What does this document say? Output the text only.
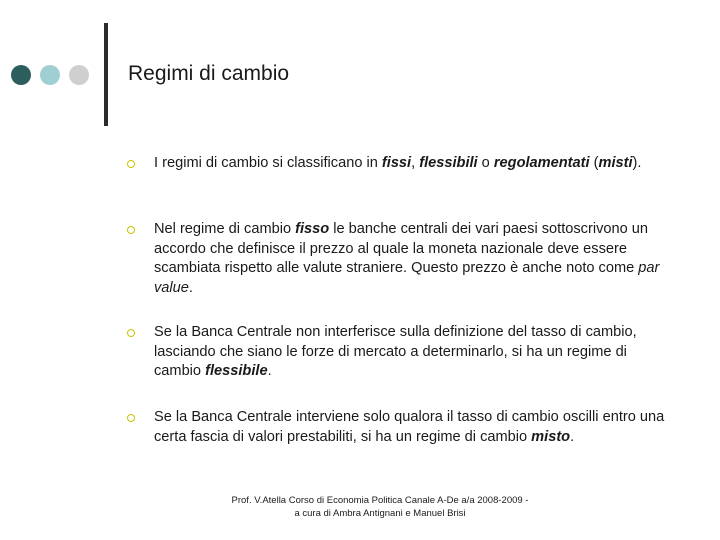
Regimi di cambio
I regimi di cambio si classificano in fissi, flessibili o regolamentati (misti).
Nel regime di cambio fisso le banche centrali dei vari paesi sottoscrivono un accordo che definisce il prezzo al quale la moneta nazionale deve essere scambiata rispetto alle valute straniere. Questo prezzo è anche noto come par value.
Se la Banca Centrale non interferisce sulla definizione del tasso di cambio, lasciando che siano le forze di mercato a determinarlo, si ha un regime di cambio flessibile.
Se la Banca Centrale interviene solo qualora il tasso di cambio oscilli entro una certa fascia di valori prestabiliti, si ha un regime di cambio misto.
Prof. V.Atella Corso di Economia Politica Canale A-De a/a 2008-2009 -
a cura di Ambra Antignani e Manuel Brisi
